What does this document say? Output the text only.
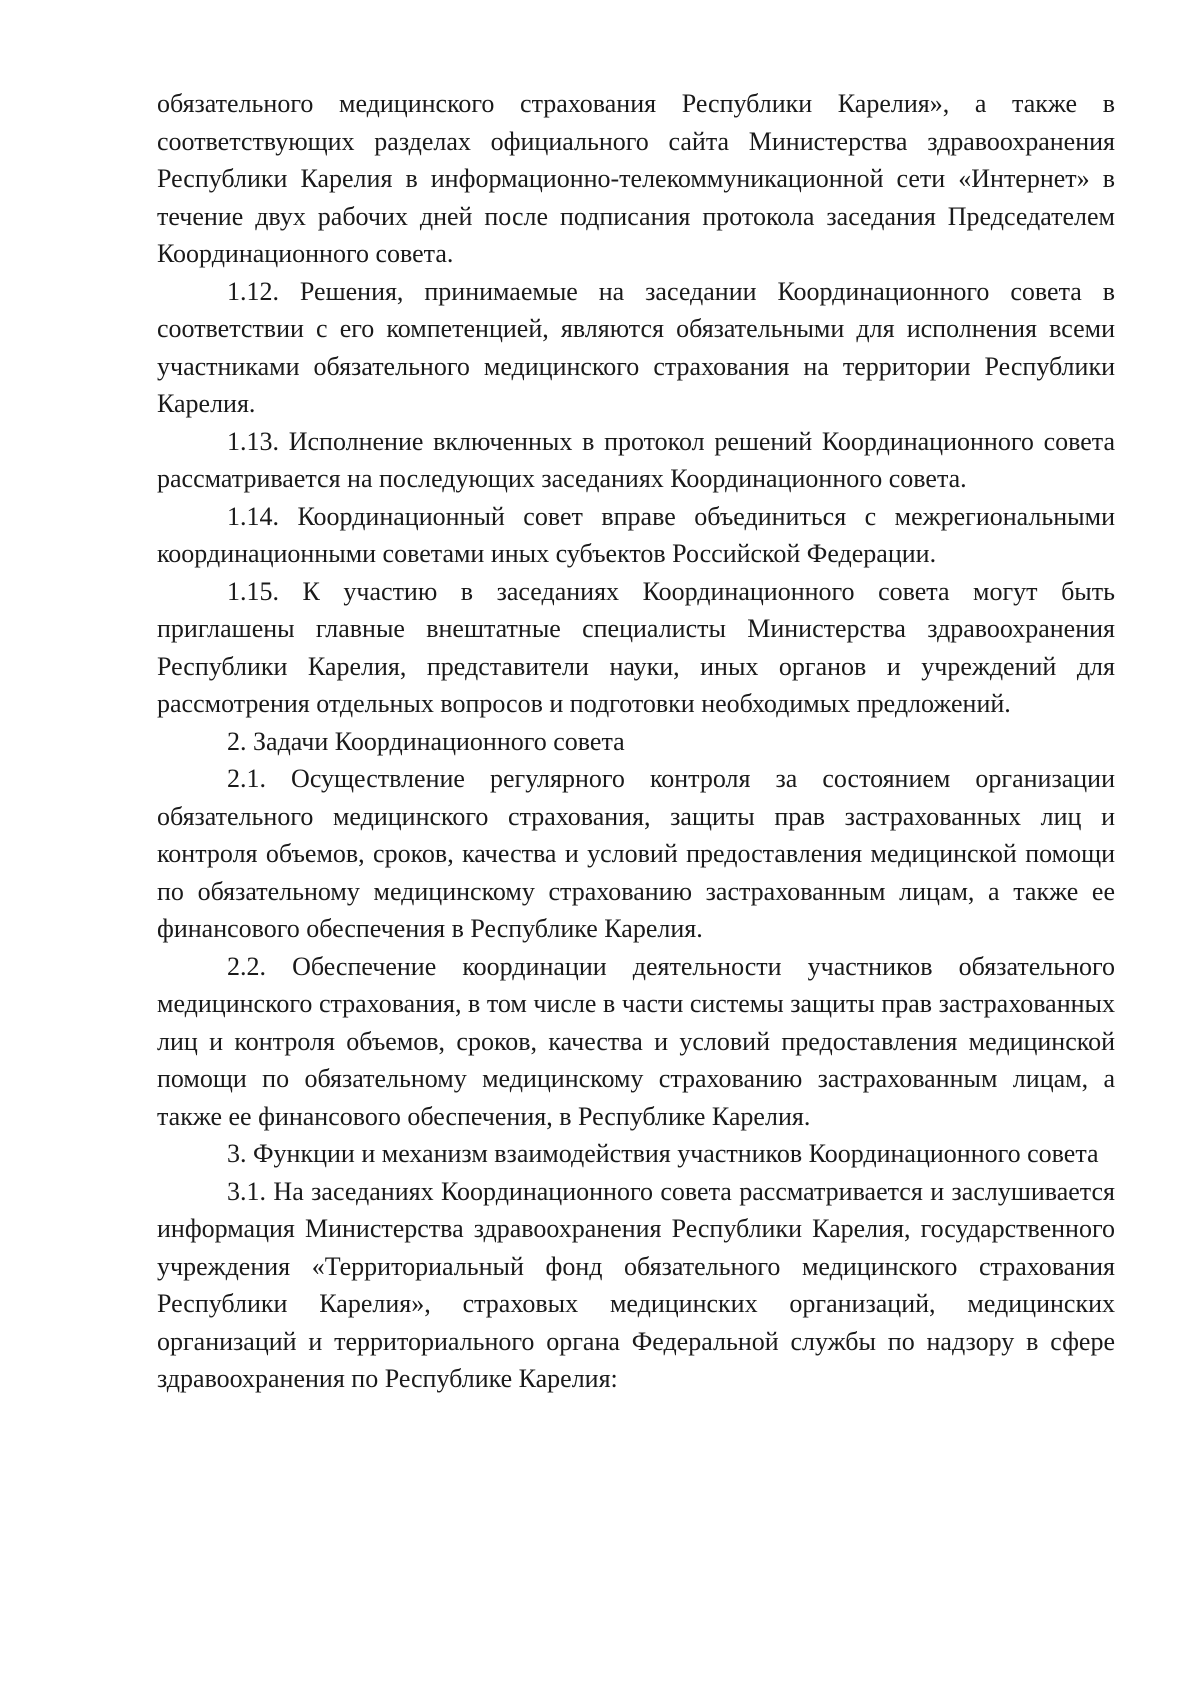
обязательного медицинского страхования Республики Карелия», а также в соответствующих разделах официального сайта Министерства здравоохранения Республики Карелия в информационно-телекоммуникационной сети «Интернет» в течение двух рабочих дней после подписания протокола заседания Председателем Координационного совета.

1.12. Решения, принимаемые на заседании Координационного совета в соответствии с его компетенцией, являются обязательными для исполнения всеми участниками обязательного медицинского страхования на территории Республики Карелия.

1.13. Исполнение включенных в протокол решений Координационного совета рассматривается на последующих заседаниях Координационного совета.

1.14. Координационный совет вправе объединиться с межрегиональными координационными советами иных субъектов Российской Федерации.

1.15. К участию в заседаниях Координационного совета могут быть приглашены главные внештатные специалисты Министерства здравоохранения Республики Карелия, представители науки, иных органов и учреждений для рассмотрения отдельных вопросов и подготовки необходимых предложений.

2. Задачи Координационного совета

2.1. Осуществление регулярного контроля за состоянием организации обязательного медицинского страхования, защиты прав застрахованных лиц и контроля объемов, сроков, качества и условий предоставления медицинской помощи по обязательному медицинскому страхованию застрахованным лицам, а также ее финансового обеспечения в Республике Карелия.

2.2. Обеспечение координации деятельности участников обязательного медицинского страхования, в том числе в части системы защиты прав застрахованных лиц и контроля объемов, сроков, качества и условий предоставления медицинской помощи по обязательному медицинскому страхованию застрахованным лицам, а также ее финансового обеспечения, в Республике Карелия.

3. Функции и механизм взаимодействия участников Координационного совета

3.1. На заседаниях Координационного совета рассматривается и заслушивается информация Министерства здравоохранения Республики Карелия, государственного учреждения «Территориальный фонд обязательного медицинского страхования Республики Карелия», страховых медицинских организаций, медицинских организаций и территориального органа Федеральной службы по надзору в сфере здравоохранения по Республике Карелия:
